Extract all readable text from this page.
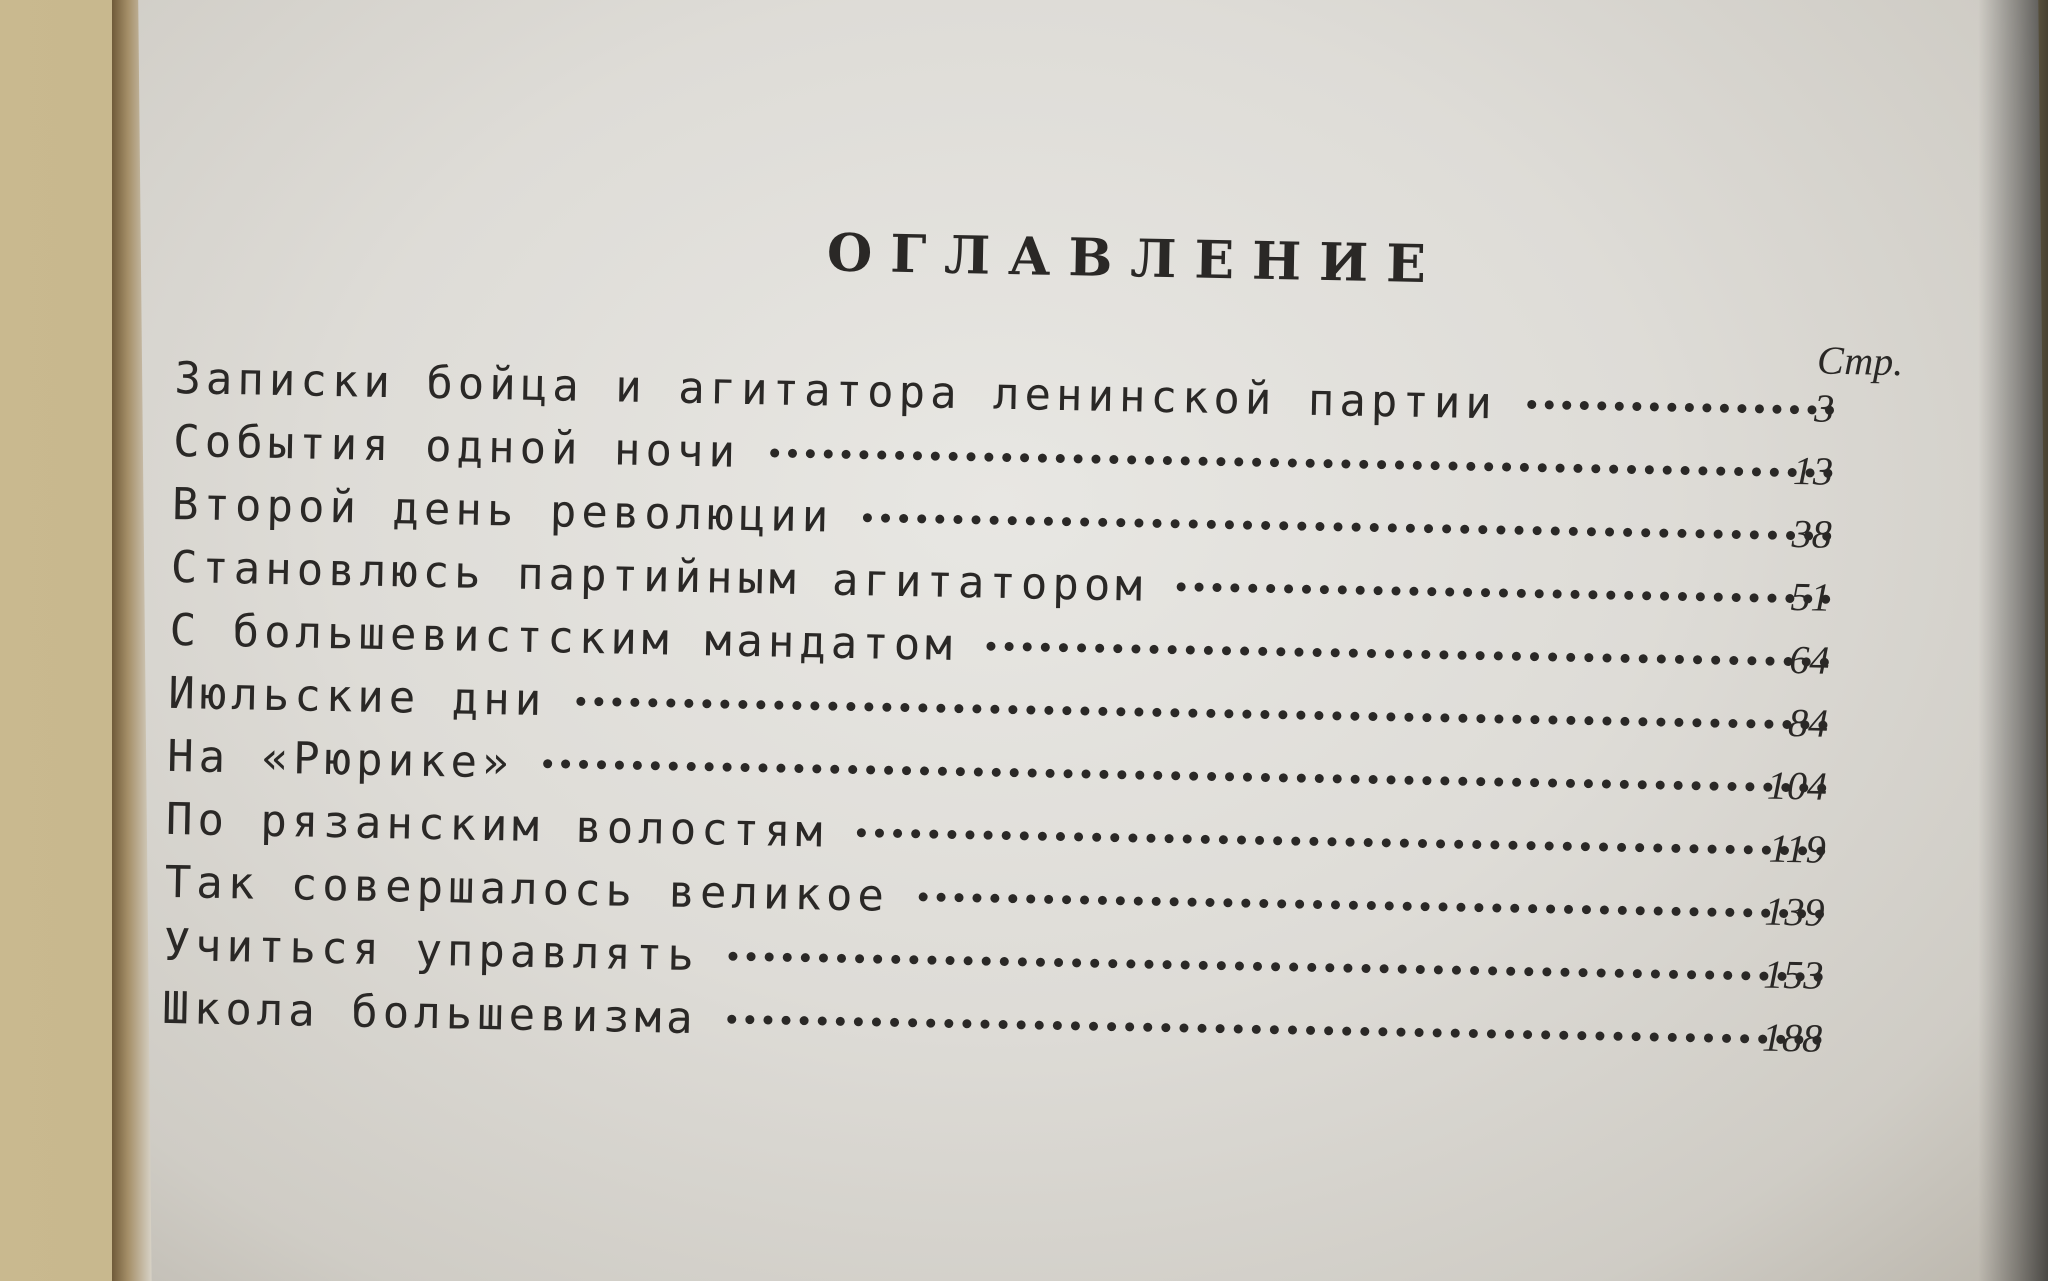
ОГЛАВЛЕНИЕ
Стр.
Записки бойца и агитатора ленинской партии	3
События одной ночи	13
Второй день революции	38
Становлюсь партийным агитатором	51
С большевистским мандатом	64
Июльские дни	84
На «Рюрике»	104
По рязанским волостям	119
Так совершалось великое	139
Учиться управлять	153
Школа большевизма	188
